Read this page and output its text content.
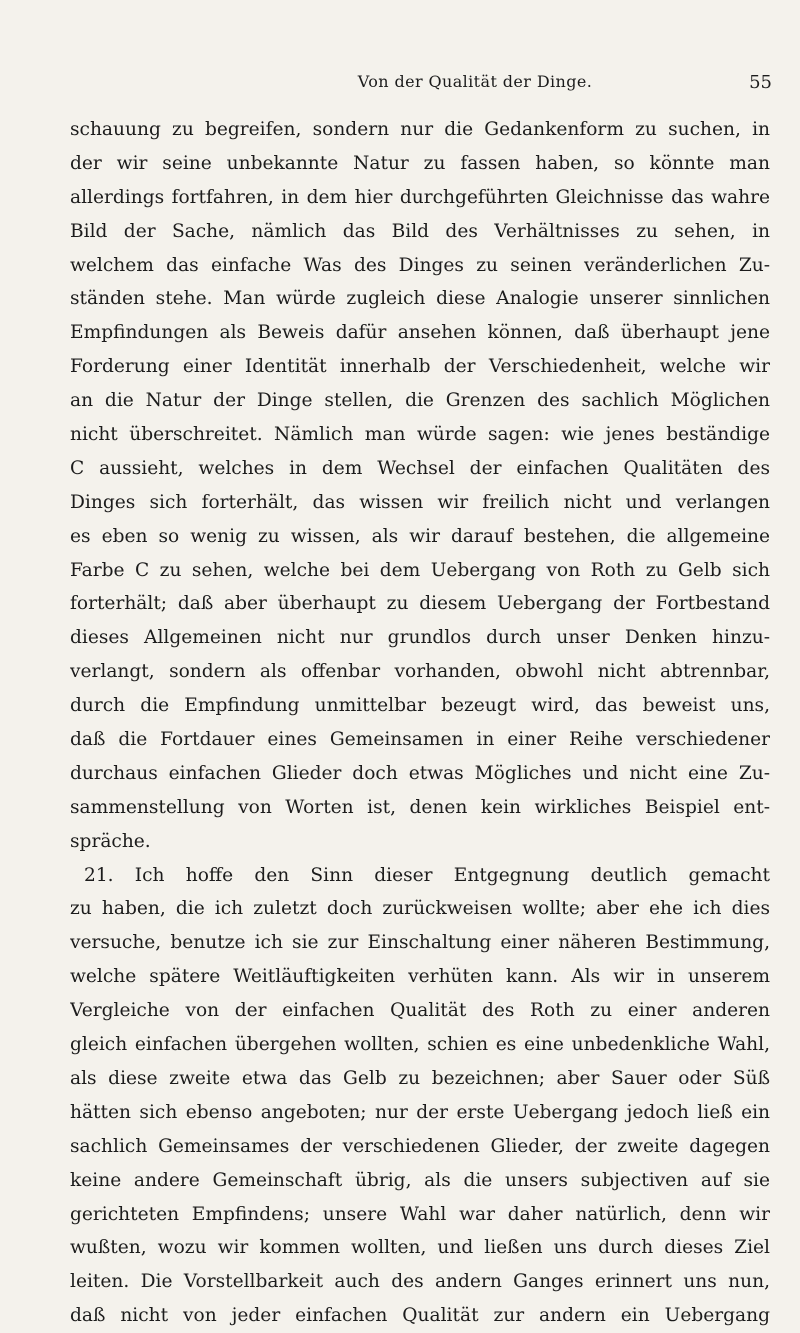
Von der Qualität der Dinge.	55
schauung zu begreifen, sondern nur die Gedankenform zu suchen, in
der wir seine unbekannte Natur zu fassen haben, so könnte man
allerdings fortfahren, in dem hier durchgeführten Gleichnisse das wahre
Bild der Sache, nämlich das Bild des Verhältnisses zu sehen, in
welchem das einfache Was des Dinges zu seinen veränderlichen Zu-
ständen stehe. Man würde zugleich diese Analogie unserer sinnlichen
Empfindungen als Beweis dafür ansehen können, daß überhaupt jene
Forderung einer Identität innerhalb der Verschiedenheit, welche wir
an die Natur der Dinge stellen, die Grenzen des sachlich Möglichen
nicht überschreitet. Nämlich man würde sagen: wie jenes beständige
C aussieht, welches in dem Wechsel der einfachen Qualitäten des
Dinges sich forterhält, das wissen wir freilich nicht und verlangen
es eben so wenig zu wissen, als wir darauf bestehen, die allgemeine
Farbe C zu sehen, welche bei dem Uebergang von Roth zu Gelb sich
forterhält; daß aber überhaupt zu diesem Uebergang der Fortbestand
dieses Allgemeinen nicht nur grundlos durch unser Denken hinzu-
verlangt, sondern als offenbar vorhanden, obwohl nicht abtrennbar,
durch die Empfindung unmittelbar bezeugt wird, das beweist uns,
daß die Fortdauer eines Gemeinsamen in einer Reihe verschiedener
durchaus einfachen Glieder doch etwas Mögliches und nicht eine Zu-
sammenstellung von Worten ist, denen kein wirkliches Beispiel ent-
spräche.
21. Ich hoffe den Sinn dieser Entgegnung deutlich gemacht
zu haben, die ich zuletzt doch zurückweisen wollte; aber ehe ich dies
versuche, benutze ich sie zur Einschaltung einer näheren Bestimmung,
welche spätere Weitläuftigkeiten verhüten kann. Als wir in unserem
Vergleiche von der einfachen Qualität des Roth zu einer anderen
gleich einfachen übergehen wollten, schien es eine unbedenkliche Wahl,
als diese zweite etwa das Gelb zu bezeichnen; aber Sauer oder Süß
hätten sich ebenso angeboten; nur der erste Uebergang jedoch ließ ein
sachlich Gemeinsames der verschiedenen Glieder, der zweite dagegen
keine andere Gemeinschaft übrig, als die unsers subjectiven auf sie
gerichteten Empfindens; unsere Wahl war daher natürlich, denn wir
wußten, wozu wir kommen wollten, und ließen uns durch dieses Ziel
leiten. Die Vorstellbarkeit auch des andern Ganges erinnert uns nun,
daß nicht von jeder einfachen Qualität zur andern ein Uebergang
